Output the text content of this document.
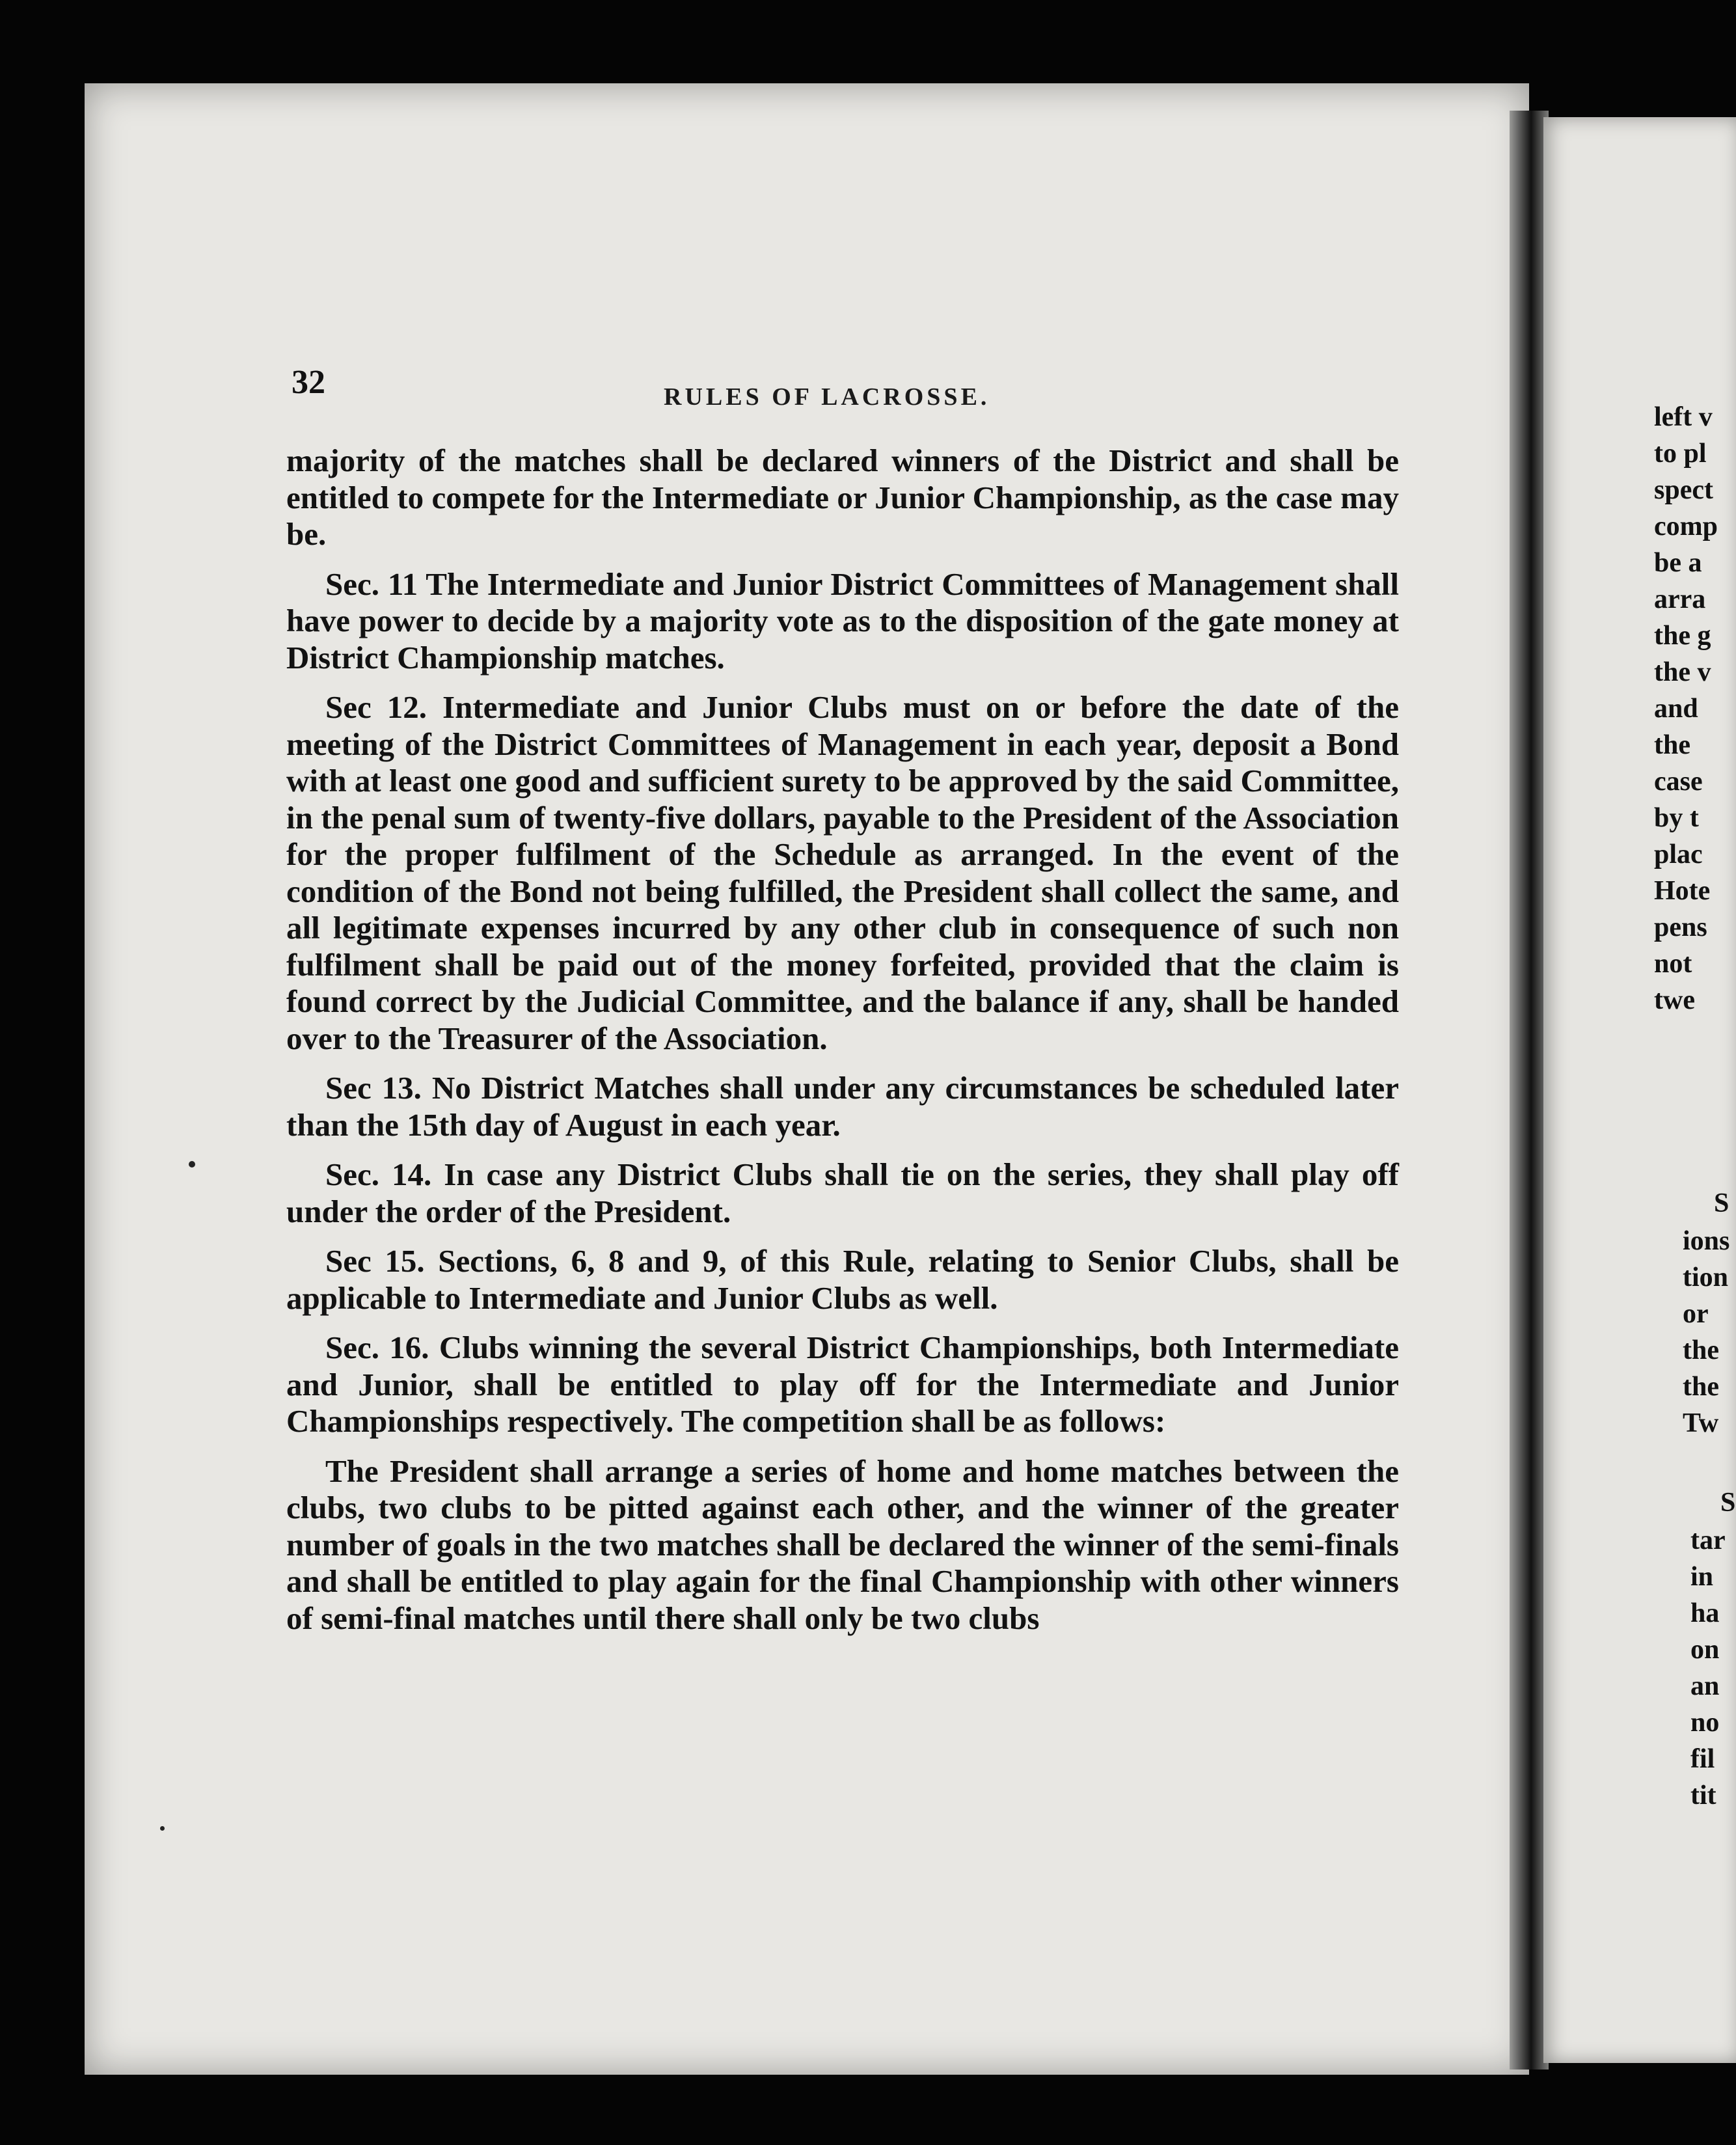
left v
to pl
spect
comp
be a
arra
the g
the v
and
the
case
by t
plac
Hote
pens
not
twe
S
ions
tion
or
the
the
Tw
S
tar
in
ha
on
an
no
fil
tit
32	RULES OF LACROSSE.

majority of the matches shall be declared winners of the District and shall be entitled to compete for the Intermediate or Junior Championship, as the case may be.

Sec. 11 The Intermediate and Junior District Committees of Management shall have power to decide by a majority vote as to the disposition of the gate money at District Championship matches.

Sec 12. Intermediate and Junior Clubs must on or before the date of the meeting of the District Committees of Management in each year, deposit a Bond with at least one good and sufficient surety to be approved by the said Committee, in the penal sum of twenty-five dollars, payable to the President of the Association for the proper fulfilment of the Schedule as arranged. In the event of the condition of the Bond not being fulfilled, the President shall collect the same, and all legitimate expenses incurred by any other club in consequence of such non fulfilment shall be paid out of the money forfeited, provided that the claim is found correct by the Judicial Committee, and the balance if any, shall be handed over to the Treasurer of the Association.

Sec 13. No District Matches shall under any circumstances be scheduled later than the 15th day of August in each year.

Sec. 14. In case any District Clubs shall tie on the series, they shall play off under the order of the President.

Sec 15. Sections, 6, 8 and 9, of this Rule, relating to Senior Clubs, shall be applicable to Intermediate and Junior Clubs as well.

Sec. 16. Clubs winning the several District Championships, both Intermediate and Junior, shall be entitled to play off for the Intermediate and Junior Championships respectively. The competition shall be as follows:

The President shall arrange a series of home and home matches between the clubs, two clubs to be pitted against each other, and the winner of the greater number of goals in the two matches shall be declared the winner of the semi-finals and shall be entitled to play again for the final Championship with other winners of semi-final matches until there shall only be two clubs
